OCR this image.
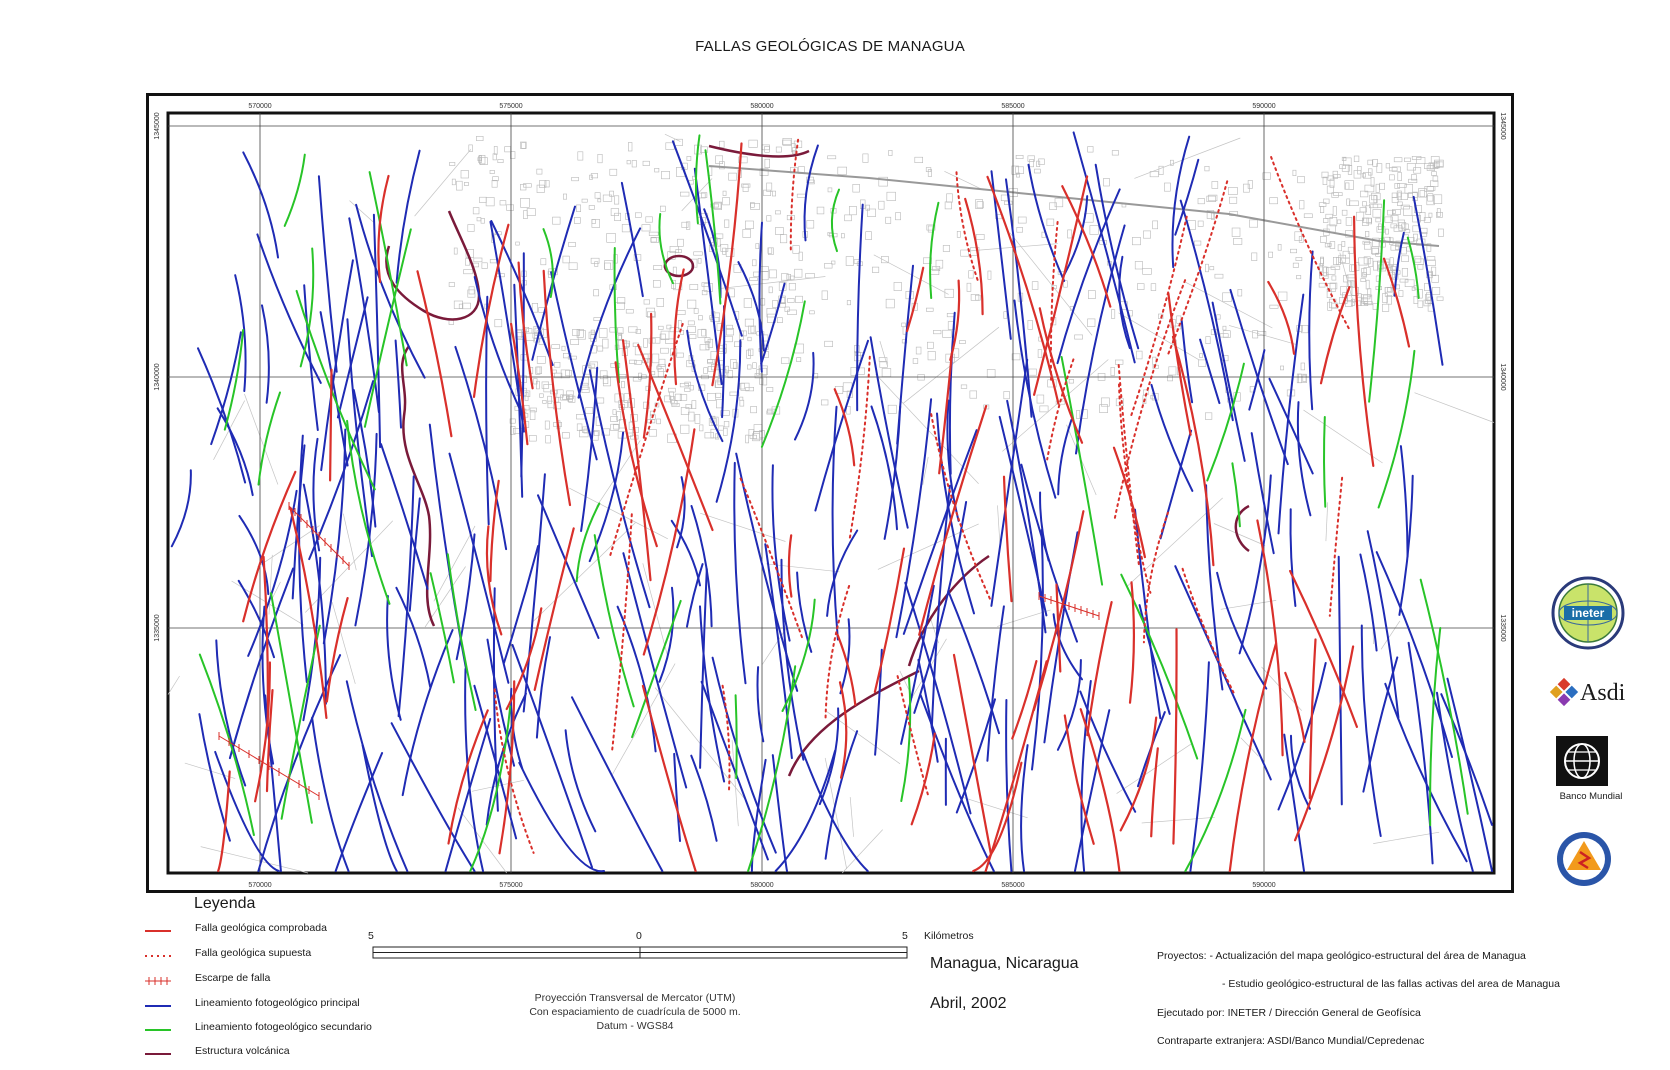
FALLAS GEOLÓGICAS DE MANAGUA
570000
570000
575000
575000
580000
580000
585000
585000
590000
590000
1345000	1345000
1340000	1340000
1335000	1335000
Leyenda
Falla geológica comprobada
Falla geológica supuesta
Escarpe de falla
Lineamiento fotogeológico principal
Lineamiento fotogeológico secundario
Estructura volcánica
5	0	5 Kilómetros
Proyección Transversal de Mercator (UTM)
Con espaciamiento de cuadrícula de 5000 m.
Datum - WGS84
Managua, Nicaragua
Abril, 2002
Proyectos: - Actualización del mapa geológico-estructural del área de Managua
- Estudio geológico-estructural de las fallas activas del area de Managua
Ejecutado por: INETER / Dirección General de Geofísica
Contraparte extranjera: ASDI/Banco Mundial/Cepredenac
ineter
Asdi
Banco Mundial
